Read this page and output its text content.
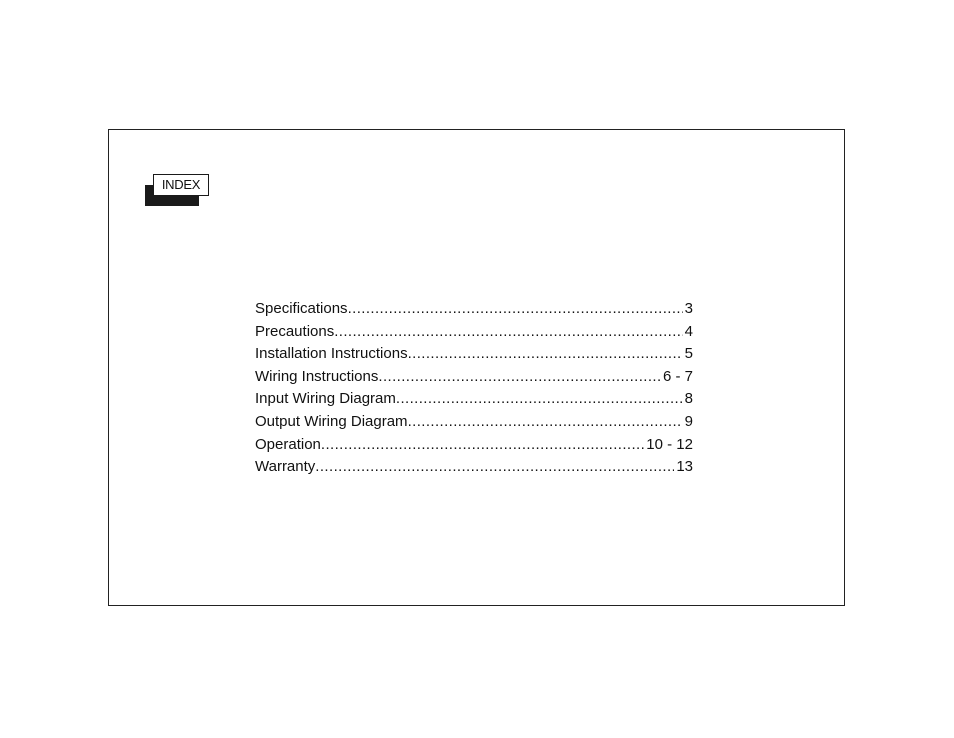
INDEX
Specifications .....	3
Precautions .....	4
Installation Instructions .....	5
Wiring Instructions .....	6 - 7
Input Wiring Diagram .....	8
Output Wiring Diagram .....	9
Operation .....	10 - 12
Warranty .....	13
